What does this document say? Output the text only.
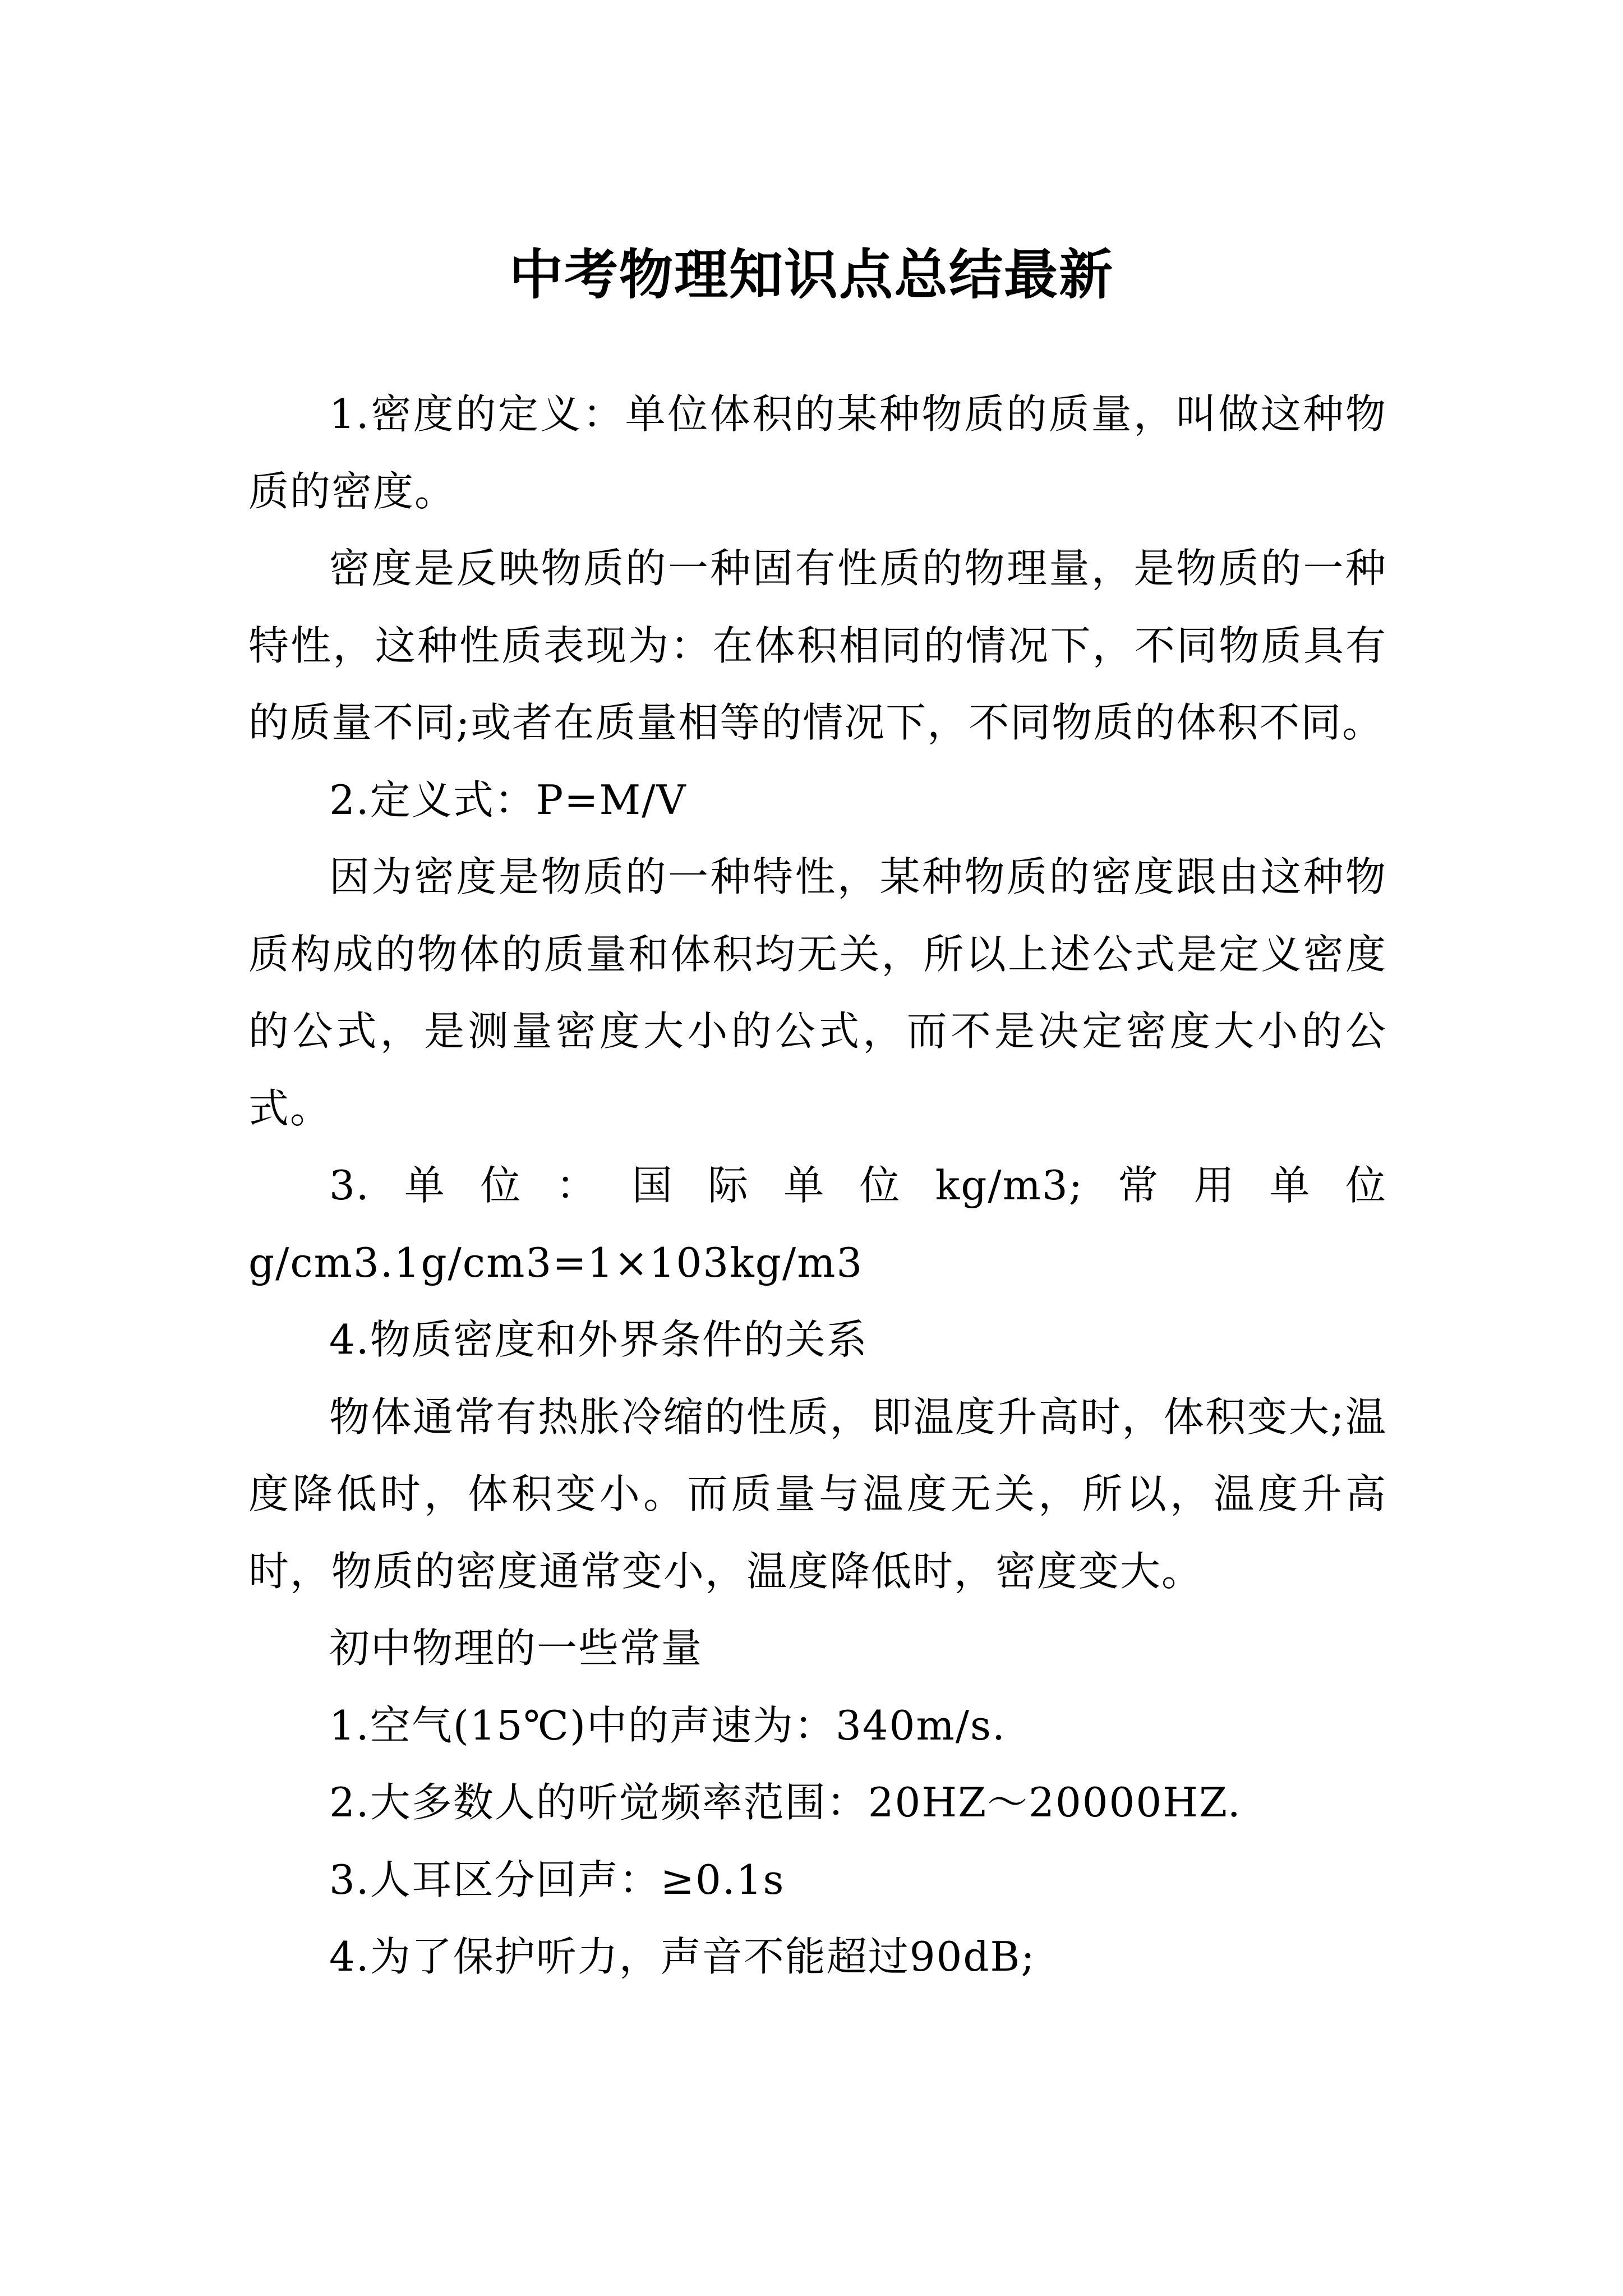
中考物理知识点总结最新

1.密度的定义：单位体积的某种物质的质量，叫做这种物质的密度。

密度是反映物质的一种固有性质的物理量，是物质的一种特性，这种性质表现为：在体积相同的情况下，不同物质具有的质量不同;或者在质量相等的情况下，不同物质的体积不同。

2.定义式：P=M/V

因为密度是物质的一种特性，某种物质的密度跟由这种物质构成的物体的质量和体积均无关，所以上述公式是定义密度的公式，是测量密度大小的公式，而不是决定密度大小的公式。

3.单位：国际单位kg/m3;常用单位g/cm3.1g/cm3=1×103kg/m3

4.物质密度和外界条件的关系

物体通常有热胀冷缩的性质，即温度升高时，体积变大;温度降低时，体积变小。而质量与温度无关，所以，温度升高时，物质的密度通常变小，温度降低时，密度变大。

初中物理的一些常量

1.空气(15℃)中的声速为：340m/s.

2.大多数人的听觉频率范围：20HZ～20000HZ.

3.人耳区分回声：≥0.1s

4.为了保护听力，声音不能超过90dB;
